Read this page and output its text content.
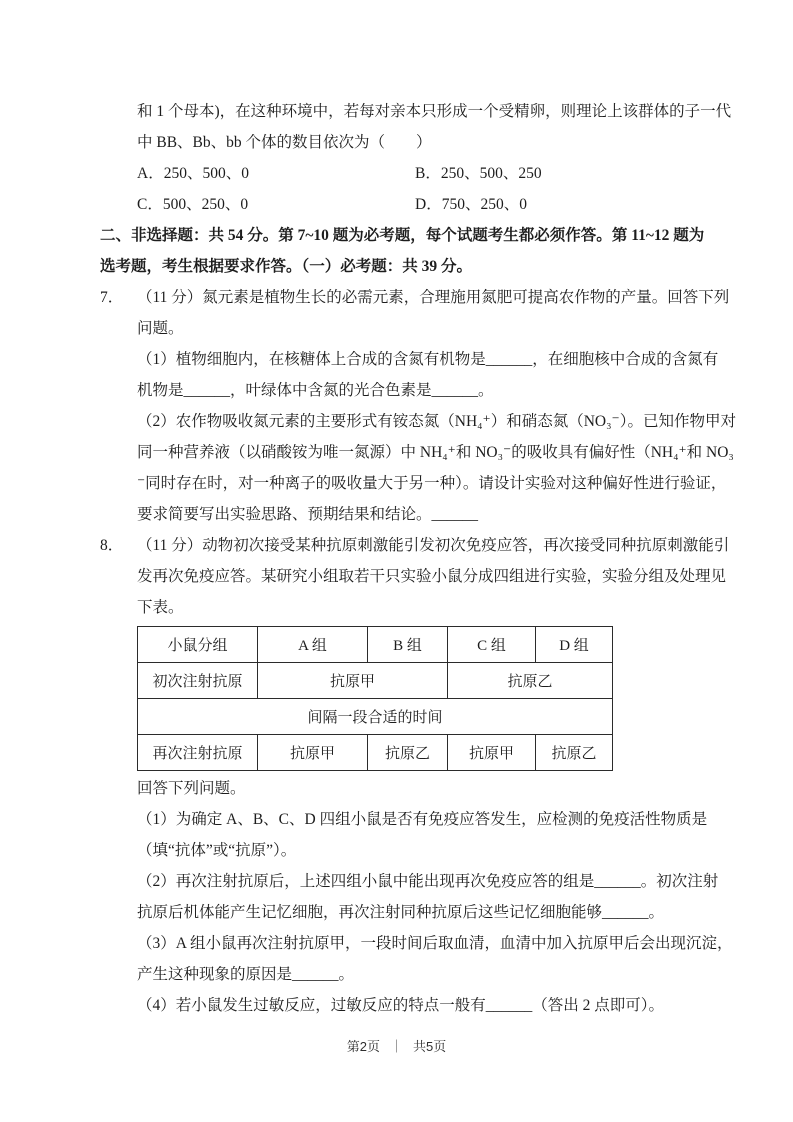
和 1 个母本)，在这种环境中，若每对亲本只形成一个受精卵，则理论上该群体的子一代
中 BB、Bb、bb 个体的数目依次为（　　）
A．250、500、0	B．250、500、250
C．500、250、0	D．750、250、0
二、非选择题：共 54 分。第 7~10 题为必考题，每个试题考生都必须作答。第 11~12 题为
选考题，考生根据要求作答。（一）必考题：共 39 分。
7． （11 分）氮元素是植物生长的必需元素，合理施用氮肥可提高农作物的产量。回答下列
问题。
（1）植物细胞内，在核糖体上合成的含氮有机物是______，在细胞核中合成的含氮有
机物是______，叶绿体中含氮的光合色素是______。
（2）农作物吸收氮元素的主要形式有铵态氮（NH₄⁺）和硝态氮（NO₃⁻）。已知作物甲对
同一种营养液（以硝酸铵为唯一氮源）中 NH₄⁺和 NO₃⁻的吸收具有偏好性（NH₄⁺和 NO₃
⁻同时存在时，对一种离子的吸收量大于另一种）。请设计实验对这种偏好性进行验证，
要求简要写出实验思路、预期结果和结论。______
8． （11 分）动物初次接受某种抗原刺激能引发初次免疫应答，再次接受同种抗原刺激能引
发再次免疫应答。某研究小组取若干只实验小鼠分成四组进行实验，实验分组及处理见
下表。
小鼠分组	A 组	B 组	C 组	D 组
初次注射抗原	抗原甲		抗原乙	
间隔一段合适的时间				
再次注射抗原	抗原甲	抗原乙	抗原甲	抗原乙
回答下列问题。
（1）为确定 A、B、C、D 四组小鼠是否有免疫应答发生，应检测的免疫活性物质是
（填“抗体”或“抗原”）。
（2）再次注射抗原后，上述四组小鼠中能出现再次免疫应答的组是______。初次注射
抗原后机体能产生记忆细胞，再次注射同种抗原后这些记忆细胞能够______。
（3）A 组小鼠再次注射抗原甲，一段时间后取血清，血清中加入抗原甲后会出现沉淀，
产生这种现象的原因是______。
（4）若小鼠发生过敏反应，过敏反应的特点一般有______（答出 2 点即可）。
第2页 ｜ 共5页
